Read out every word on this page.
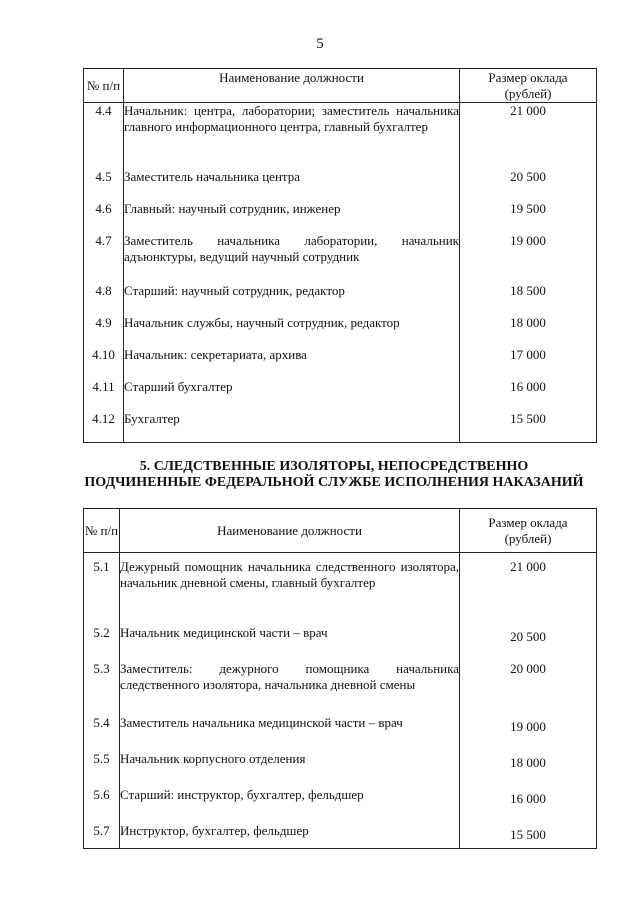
5
№ п/п	Наименование должности	Размер оклада (рублей)

4.4	Начальник: центра, лаборатории; заместитель начальника главного информационного центра, главный бухгалтер	21 000
4.5	Заместитель начальника центра	20 500
4.6	Главный: научный сотрудник, инженер	19 500
4.7	Заместитель начальника лаборатории, начальник адъюнктуры, ведущий научный сотрудник	19 000
4.8	Старший: научный сотрудник, редактор	18 500
4.9	Начальник службы, научный сотрудник, редактор	18 000
4.10	Начальник: секретариата, архива	17 000
4.11	Старший бухгалтер	16 000
4.12	Бухгалтер	15 500
5. СЛЕДСТВЕННЫЕ ИЗОЛЯТОРЫ, НЕПОСРЕДСТВЕННО
ПОДЧИНЕННЫЕ ФЕДЕРАЛЬНОЙ СЛУЖБЕ ИСПОЛНЕНИЯ НАКАЗАНИЙ
№ п/п	Наименование должности	Размер оклада (рублей)

5.1	Дежурный помощник начальника следственного изолятора, начальник дневной смены, главный бухгалтер	21 000
5.2	Начальник медицинской части – врач	20 500
5.3	Заместитель: дежурного помощника начальника следственного изолятора, начальника дневной смены	20 000
5.4	Заместитель начальника медицинской части – врач	19 000
5.5	Начальник корпусного отделения	18 000
5.6	Старший: инструктор, бухгалтер, фельдшер	16 000
5.7	Инструктор, бухгалтер, фельдшер	15 500
